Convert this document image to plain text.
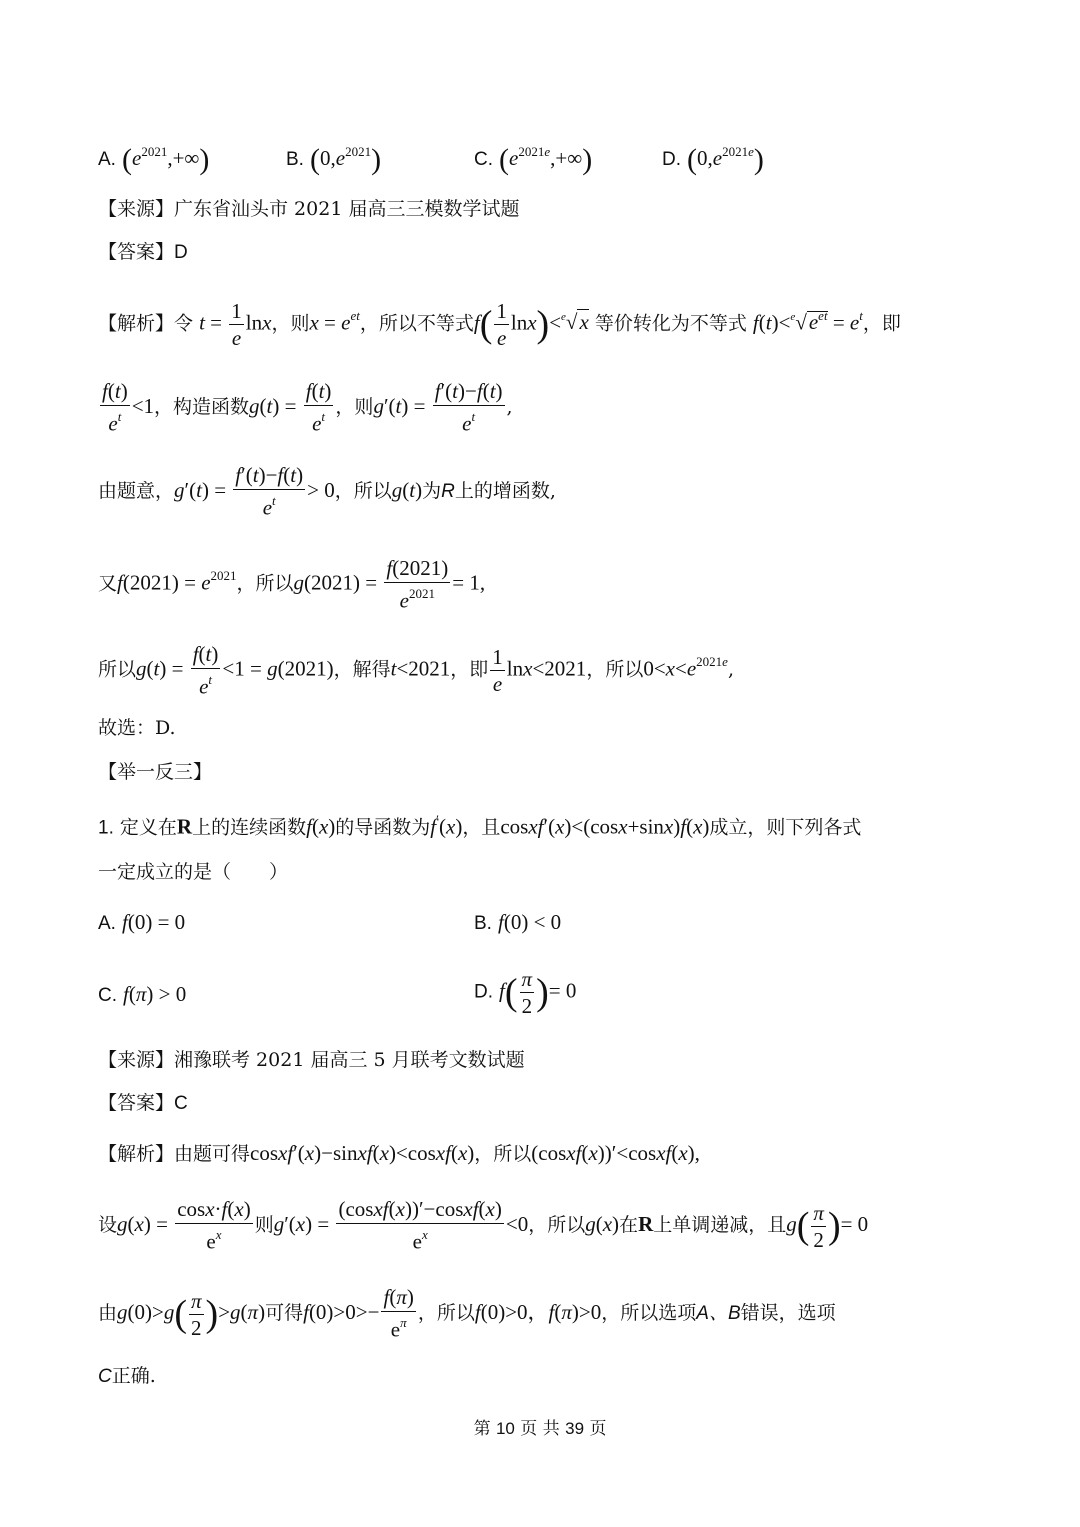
A. $(e^{2021},+\infty)$	B. $(0,e^{2021})$	C. $(e^{2021e},+\infty)$	D. $(0,e^{2021e})$
【来源】广东省汕头市 2021 届高三三模数学试题
【答案】D
【解析】令 $t = \frac{1}{e}$ lnx，则$x = e^{et}$，所以不等式$f( \frac{1}{e} \ln x)<^e√x$ 等价转化为不等式 $f(t)<^e√e^{et} = e^t$，即
$\frac{f(t)}{e^t} <1$，构造函数$g(t) = \frac{f(t)}{e^t}$ ，则$g'(t) = \frac{f'(t)-f(t)}{e^t}$ ,
由题意，$g'(t) = \frac{f'(t)-f(t)}{e^t} > 0$，所以g(t)为R上的增函数,
又$f(2021) = e^{2021}$，所以$g(2021) = \frac{f(2021)}{e^{2021}} = 1$,
所以$g(t) = \frac{f(t)}{e^t} <1 = g(2021)$，解得t<2021，即 $\frac{1}{e} \ln x<2021$，所以$0<x<e^{2021e}$,
故选：D.
【举一反三】
1. 定义在R上的连续函数f(x)的导函数为f′(x)，且cosxf′(x)<(cosx+sinx)f(x)成立，则下列各式
一定成立的是（　　）
A. f(0) = 0	B. f(0) < 0
C. f(π) > 0	D. $f( \frac{\pi}{2}$ )= 0
【来源】湘豫联考 2021 届高三 5 月联考文数试题
【答案】C
【解析】由题可得cosxf′(x)−sinxf(x)<cosxf(x)，所以(cosxf(x))′<cosxf(x),
设$g(x) = \frac{\cos x\cdot f(x)}{e^x}$ 则$g'(x) = \frac{\text{(cosxf(x))′−cosxf(x)}}{e^x} <0$，所以g(x)在R上单调递减，且$g( \frac{\pi}{2}$ )= 0
由$g(0)>g( \frac{\pi}{2} )>g(\pi)$可得$f(0)>0>- \frac{f(\pi)}{e^\pi}$ ，所以f(0)>0，f(π)>0，所以选项A、B错误，选项
C正确.
第 10 页 共 39 页
